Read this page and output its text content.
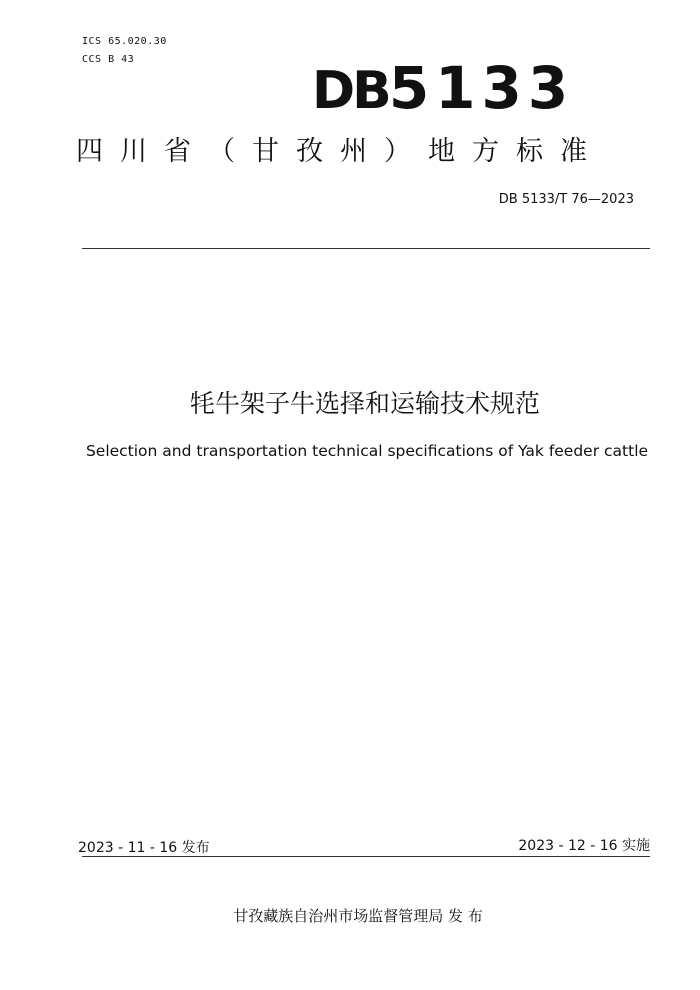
ICS 65.020.30
CCS B 43
DB5133
四川省（甘孜州）地方标准
DB 5133/T 76—2023
牦牛架子牛选择和运输技术规范
Selection and transportation technical specifications of Yak feeder cattle
2023 - 11 - 16 发布	2023 - 12 - 16 实施
甘孜藏族自治州市场监督管理局 发 布
